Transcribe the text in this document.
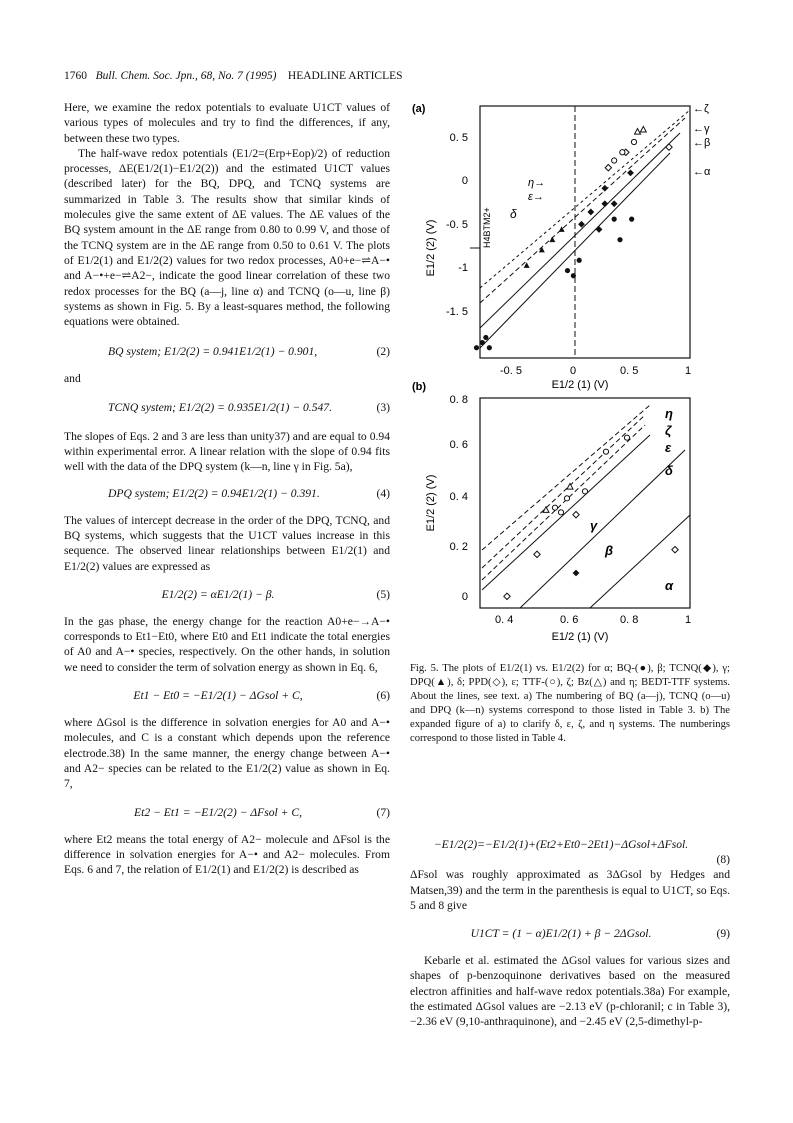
1760 Bull. Chem. Soc. Jpn., 68, No. 7 (1995) HEADLINE ARTICLES

Here, we examine the redox potentials to evaluate U1CT values of various types of molecules and try to find the differences, if any, between these two types.

The half-wave redox potentials (E1/2=(Erp+Eop)/2) of reduction processes, ΔE(E1/2(1)−E1/2(2)) and the estimated U1CT values (described later) for the BQ, DPQ, and TCNQ systems are summarized in Table 3. The results show that similar kinds of molecules give the same extent of ΔE values. The ΔE values of the BQ system amount in the ΔE range from 0.80 to 0.99 V, and those of the TCNQ system are in the ΔE range from 0.50 to 0.61 V. The plots of E1/2(1) and E1/2(2) values for two redox processes, A0+e−⇌A−• and A−•+e−⇌A2−, indicate the good linear correlation of these two redox processes for the BQ (a—j, line α) and TCNQ (o—u, line β) systems as shown in Fig. 5. By a least-squares method, the following equations were obtained.

BQ system; E1/2(2) = 0.941E1/2(1) − 0.901,	(2)

and

TCNQ system; E1/2(2) = 0.935E1/2(1) − 0.547.	(3)

The slopes of Eqs. 2 and 3 are less than unity37) and are equal to 0.94 within experimental error. A linear relation with the slope of 0.94 fits well with the data of the DPQ system (k—n, line γ in Fig. 5a),

DPQ system; E1/2(2) = 0.94E1/2(1) − 0.391.	(4)

The values of intercept decrease in the order of the DPQ, TCNQ, and BQ systems, which suggests that the U1CT values increase in this sequence. The observed linear relationships between E1/2(1) and E1/2(2) values are expressed as

E1/2(2) = αE1/2(1) − β.	(5)

In the gas phase, the energy change for the reaction A0+e−→A−• corresponds to Et1−Et0, where Et0 and Et1 indicate the total energies of A0 and A−• species, respectively. On the other hands, in solution we need to consider the term of solvation energy as shown in Eq. 6,

Et1 − Et0 = −E1/2(1) − ΔGsol + C,	(6)

where ΔGsol is the difference in solvation energies for A0 and A−• molecules, and C is a constant which depends upon the reference electrode.38) In the same manner, the energy change between A−• and A2− species can be related to the E1/2(2) value as shown in Eq. 7,

Et2 − Et1 = −E1/2(2) − ΔFsol + C,	(7)

where Et2 means the total energy of A2− molecule and ΔFsol is the difference in solvation energies for A−• and A2− molecules. From Eqs. 6 and 7, the relation of E1/2(1) and E1/2(2) is described as

(a)
0. 5
0
-0. 5
-1
-1. 5
-0. 5	0	0. 5	1
E1/2 (1) (V)
E1/2 (2) (V)
←ζ
←γ
←β
←α
η→
ε→
δ
H4BTM2+
(b)
0. 8
0. 6
0. 4
0. 2
0
0. 4	0. 6	0. 8	1
E1/2 (1) (V)
E1/2 (2) (V)
η
ζ
ε
δ
γ
β
α
Fig. 5. The plots of E1/2(1) vs. E1/2(2) for α; BQ-(●), β; TCNQ(◆), γ; DPQ(▲), δ; PPD(◇), ε; TTF-(○), ζ; Bz(△) and η; BEDT-TTF systems. About the lines, see text. a) The numbering of BQ (a—j), TCNQ (o—u) and DPQ (k—n) systems correspond to those listed in Table 3. b) The expanded figure of a) to clarify δ, ε, ζ, and η systems. The numberings correspond to those listed in Table 4.
−E1/2(2)=−E1/2(1)+(Et2+Et0−2Et1)−ΔGsol+ΔFsol.
(8)

ΔFsol was roughly approximated as 3ΔGsol by Hedges and Matsen,39) and the term in the parenthesis is equal to U1CT, so Eqs. 5 and 8 give

U1CT = (1 − α)E1/2(1) + β − 2ΔGsol.	(9)

Kebarle et al. estimated the ΔGsol values for various sizes and shapes of p-benzoquinone derivatives based on the measured electron affinities and half-wave redox potentials.38a) For example, the estimated ΔGsol values are −2.13 eV (p-chloranil; c in Table 3), −2.36 eV (9,10-anthraquinone), and −2.45 eV (2,5-dimethyl-p-
